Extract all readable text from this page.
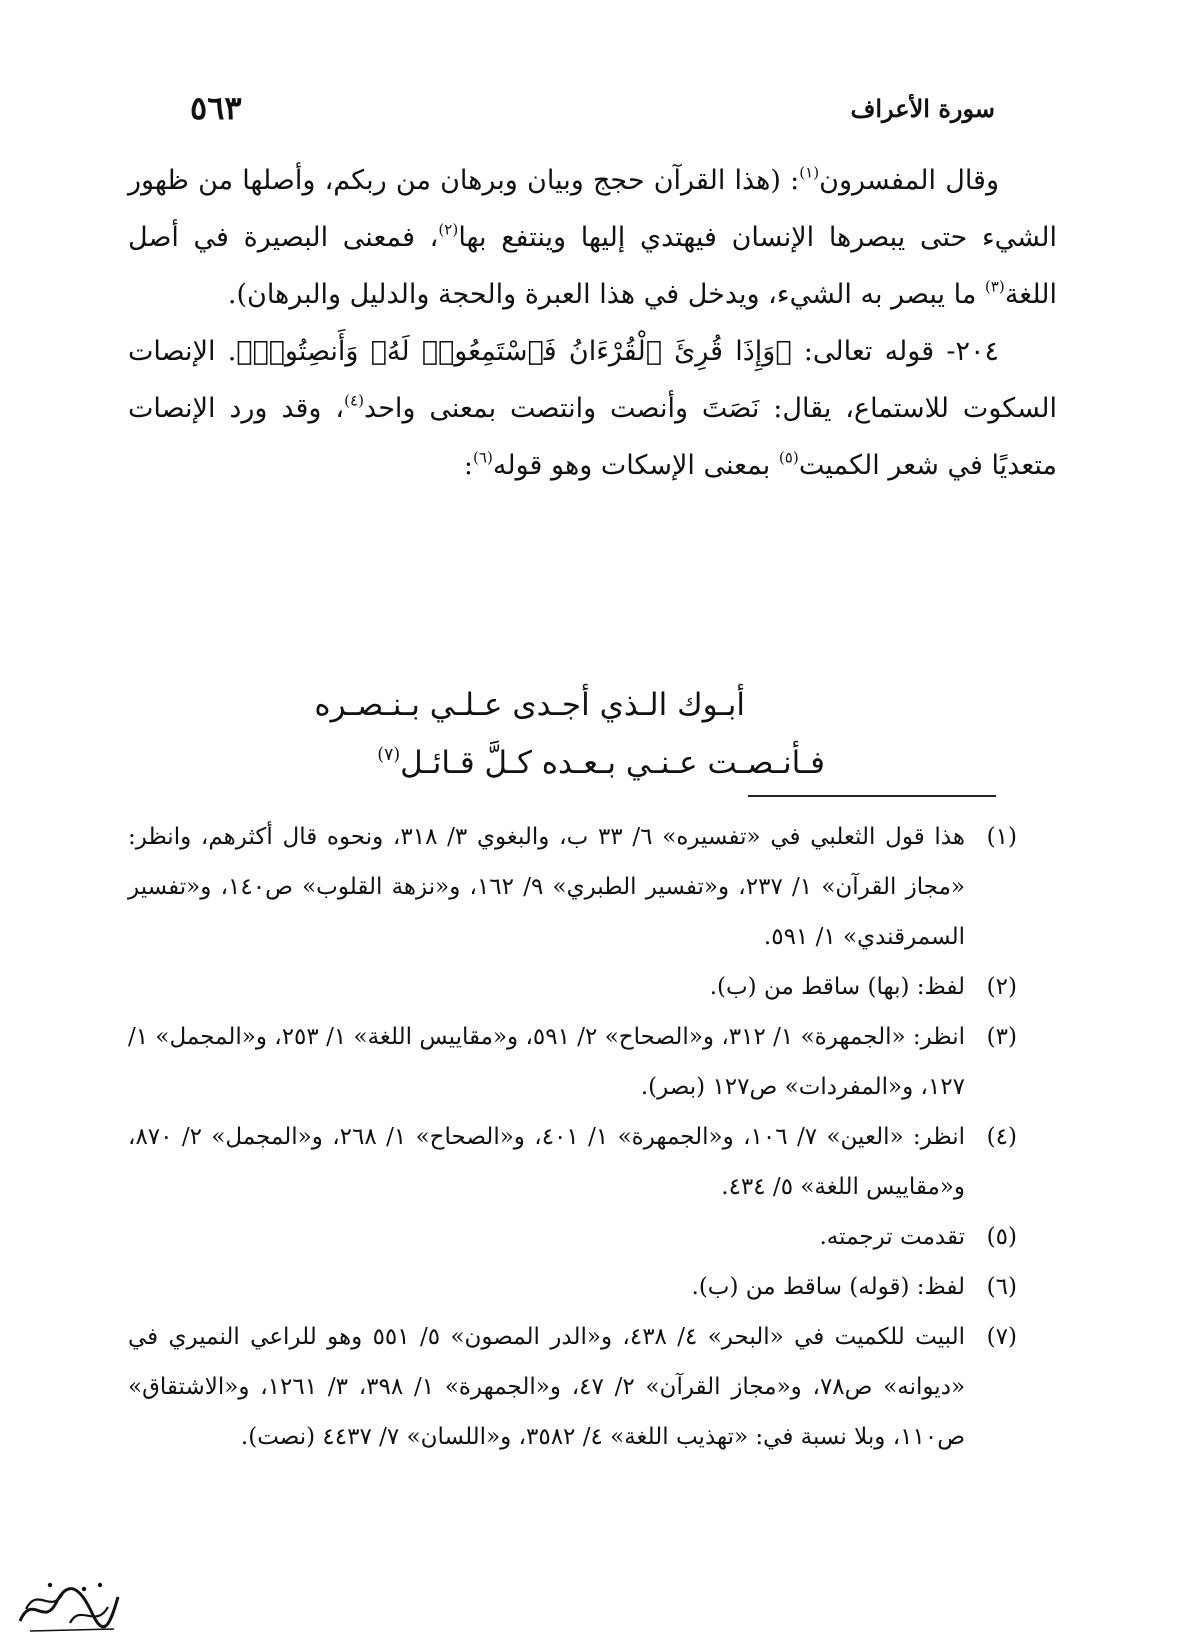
٥٦٣	سورة الأعراف

وقال المفسرون$^{(١)}$: (هذا القرآن حجج وبيان وبرهان من ربكم، وأصلها من ظهور الشيء حتى يبصرها الإنسان فيهتدي إليها وينتفع بها$^{(٢)}$، فمعنى البصيرة في أصل اللغة$^{(٣)}$ ما يبصر به الشيء، ويدخل في هذا العبرة والحجة والدليل والبرهان).

٢٠٤- قوله تعالى: ﴿وَإِذَا قُرِئَ ٱلْقُرْءَانُ فَٱسْتَمِعُوا۟ لَهُۥ وَأَنصِتُوا۟﴾. الإنصات السكوت للاستماع، يقال: نَصَتَ وأنصت وانتصت بمعنى واحد$^{(٤)}$، وقد ورد الإنصات متعديًا في شعر الكميت$^{(٥)}$ بمعنى الإسكات وهو قوله$^{(٦)}$:

أبـوك الـذي أجـدى عـلـي بـنـصـره

فـأنـصـت عـنـي بـعـده كـلَّ قـائـل$^{(٧)}$

(١)
هذا قول الثعلبي في «تفسيره» ٦/ ٣٣ ب، والبغوي ٣/ ٣١٨، ونحوه قال أكثرهم، وانظر: «مجاز القرآن» ١/ ٢٣٧، و«تفسير الطبري» ٩/ ١٦٢، و«نزهة القلوب» ص١٤٠، و«تفسير السمرقندي» ١/ ٥٩١.

(٢)
لفظ: (بها) ساقط من (ب).

(٣)
انظر: «الجمهرة» ١/ ٣١٢، و«الصحاح» ٢/ ٥٩١، و«مقاييس اللغة» ١/ ٢٥٣، و«المجمل» ١/ ١٢٧، و«المفردات» ص١٢٧ (بصر).

(٤)
انظر: «العين» ٧/ ١٠٦، و«الجمهرة» ١/ ٤٠١، و«الصحاح» ١/ ٢٦٨، و«المجمل» ٢/ ٨٧٠، و«مقاييس اللغة» ٥/ ٤٣٤.

(٥)
تقدمت ترجمته.

(٦)
لفظ: (قوله) ساقط من (ب).

(٧)
البيت للكميت في «البحر» ٤/ ٤٣٨، و«الدر المصون» ٥/ ٥٥١ وهو للراعي النميري في «ديوانه» ص٧٨، و«مجاز القرآن» ٢/ ٤٧، و«الجمهرة» ١/ ٣٩٨، ٣/ ١٢٦١، و«الاشتقاق» ص١١٠، وبلا نسبة في: «تهذيب اللغة» ٤/ ٣٥٨٢، و«اللسان» ٧/ ٤٤٣٧ (نصت).
